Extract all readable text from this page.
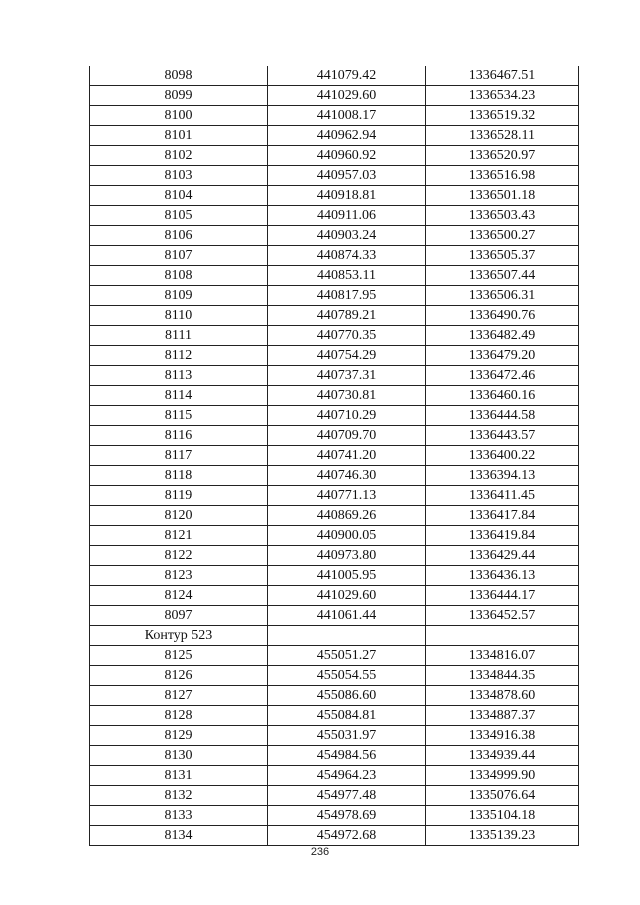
8098	441079.42	1336467.51
8099	441029.60	1336534.23
8100	441008.17	1336519.32
8101	440962.94	1336528.11
8102	440960.92	1336520.97
8103	440957.03	1336516.98
8104	440918.81	1336501.18
8105	440911.06	1336503.43
8106	440903.24	1336500.27
8107	440874.33	1336505.37
8108	440853.11	1336507.44
8109	440817.95	1336506.31
8110	440789.21	1336490.76
8111	440770.35	1336482.49
8112	440754.29	1336479.20
8113	440737.31	1336472.46
8114	440730.81	1336460.16
8115	440710.29	1336444.58
8116	440709.70	1336443.57
8117	440741.20	1336400.22
8118	440746.30	1336394.13
8119	440771.13	1336411.45
8120	440869.26	1336417.84
8121	440900.05	1336419.84
8122	440973.80	1336429.44
8123	441005.95	1336436.13
8124	441029.60	1336444.17
8097	441061.44	1336452.57
Контур 523		
8125	455051.27	1334816.07
8126	455054.55	1334844.35
8127	455086.60	1334878.60
8128	455084.81	1334887.37
8129	455031.97	1334916.38
8130	454984.56	1334939.44
8131	454964.23	1334999.90
8132	454977.48	1335076.64
8133	454978.69	1335104.18
8134	454972.68	1335139.23
236
